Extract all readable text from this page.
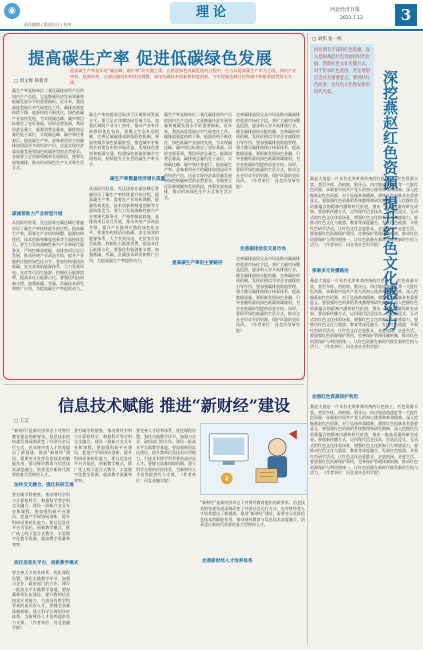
◉
责任编辑 / 版面设计 / 校对
理论	河北经济日报
2021.7.12	3
提高碳生产率 促进低碳绿色发展
□ 周文辉 韩新青
提高碳生产率是实现“碳达峰、碳中和”的关键之策。在推进绿色低碳发展的过程中，应当以提高碳生产率为主线，加快产业结构、能源结构、交通运输结构的优化调整，深化低碳技术创新和制度创新，为实现碳达峰目标和碳中和愿景提供坚实支撑。
碳生产率是指单位二氧化碳排放所产出的国内生产总值，它是衡量经济发展质量和低碳发展水平的重要指标。近年来，我国高度重视应对气候变化工作，碳排放强度持续下降，能源结构不断优化，绿色低碳产业加快发展，为实现碳达峰、碳中和目标奠定了良好基础。同时也要看到，我国经济总量大、能源消费总量高，碳排放总量仍处于高位，实现碳达峰、碳中和任务艰巨。提高碳生产率，意味着用更少的碳排放创造更多的经济产出，这是实现经济高质量发展和绿色低碳转型的必然要求。各地要立足资源禀赋和发展阶段，统筹发展和减排，推动形成绿色生产方式和生活方式。
碳减排助力产业转型升级
从国际经验看，发达国家在碳达峰后普遍经历了碳生产率持续提升的过程。提高碳生产率，需要在产业结构调整、能源结构优化、技术创新和制度创新等方面持续发力。要大力发展战略性新兴产业和现代服务业，严格控制高耗能、高排放项目盲目发展，推动传统产业改造升级，提升产业链供应链的绿色化水平。要加快构建清洁低碳、安全高效的能源体系，大力发展风电、光伏等可再生能源，控制化石能源消费，提高非化石能源占比。要强化科技创新支撑，加强低碳、零碳、负碳技术研发和推广应用，为提高碳生产率提供动力。
碳生产率的提高还取决于区域协同发展水平。要立足京津冀协同发展大局，加强区域间产业分工协作，推动产业有序转移和优化布局。要健全生态补偿机制，完善区域碳排放联防联控机制。要加快城乡绿色低碳转型，推进城市更新和乡村建设中的节能改造，发展绿色建筑和低碳交通，构建绿色低碳的城乡空间格局，持续提升全社会的碳生产率水平。
碳生产率衡量经济增长质量
从国际经验看，发达国家在碳达峰后普遍经历了碳生产率持续提升的过程。提高碳生产率，需要在产业结构调整、能源结构优化、技术创新和制度创新等方面持续发力。要大力发展战略性新兴产业和现代服务业，严格控制高耗能、高排放项目盲目发展，推动传统产业改造升级，提升产业链供应链的绿色化水平。要加快构建清洁低碳、安全高效的能源体系，大力发展风电、光伏等可再生能源，控制化石能源消费，提高非化石能源占比。要强化科技创新支撑，加强低碳、零碳、负碳技术研发和推广应用，为提高碳生产率提供动力。
碳生产率是指单位二氧化碳排放所产出的国内生产总值，它是衡量经济发展质量和低碳发展水平的重要指标。近年来，我国高度重视应对气候变化工作，碳排放强度持续下降，能源结构不断优化，绿色低碳产业加快发展，为实现碳达峰、碳中和目标奠定了良好基础。同时也要看到，我国经济总量大、能源消费总量高，碳排放总量仍处于高位，实现碳达峰、碳中和任务艰巨。提高碳生产率，意味着用更少的碳排放创造更多的经济产出，这是实现经济高质量发展和绿色低碳转型的必然要求。各地要立足资源禀赋和发展阶段，统筹发展和减排，推动形成绿色生产方式和生活方式。
提高碳生产率的主要路径
完善碳排放权交易市场是推动碳减排的重要市场化手段。要扩大碳市场覆盖范围，逐步纳入更多高排放行业，健全碳排放权分配机制，完善碳价形成机制，发挥价格信号对企业减排的引导作用。要加强碳排放数据管理，建立健全碳排放统计核算体系，提高数据质量。要积极发展绿色金融，引导金融资源向绿色低碳领域倾斜，为企业低碳转型提供资金支持。同时，要倡导绿色低碳的生活方式，推动全社会形成节约资源、保护环境的良好风尚。（作者单位：河北经济研究院）
完善碳排放权交易市场
完善碳排放权交易市场是推动碳减排的重要市场化手段。要扩大碳市场覆盖范围，逐步纳入更多高排放行业，健全碳排放权分配机制，完善碳价形成机制，发挥价格信号对企业减排的引导作用。要加强碳排放数据管理，建立健全碳排放统计核算体系，提高数据质量。要积极发展绿色金融，引导金融资源向绿色低碳领域倾斜，为企业低碳转型提供资金支持。同时，要倡导绿色低碳的生活方式，推动全社会形成节约资源、保护环境的良好风尚。（作者单位：河北经济研究院）
□ 刘伟 张一鸣
河北拥有丰富的红色资源，深入挖掘燕赵红色资源的时代价值，创新红色文化传播方式，对于传承红色基因、坚定理想信念具有重要意义。要讲好红色故事，让红色文化焕发新的时代光彩。	深挖燕赵红色资源 提升红色文化感染力
燕赵大地是一片具有光荣革命传统的红色热土，红色资源丰富，类型多样。西柏坡、狼牙山、冉庄地道战遗址等一大批红色资源，承载着中国共产党人的初心使命和革命精神。深入挖掘燕赵红色资源，对于弘扬革命精神、赓续红色血脉具有重要意义。要加强红色资源的系统整理和研究阐释，深入挖掘红色资源蕴含的精神内涵和时代价值，推出一批高质量的研究成果。要创新传播方式，运用现代信息技术，打造沉浸式、互动式的红色文化体验场景，增强红色文化的吸引力和感染力。要推动红色文化与旅游、教育等深度融合，发展红色旅游，开展红色研学活动，让红色文化走进群众、走进校园、走进生活。要加强红色资源保护利用，完善保护管理体制机制，推动红色资源保护与利用相统一，让红色资源在新时代焕发新的生机与活力。（作者单位：河北省社会科学院）
探索多元传播路径
燕赵大地是一片具有光荣革命传统的红色热土，红色资源丰富，类型多样。西柏坡、狼牙山、冉庄地道战遗址等一大批红色资源，承载着中国共产党人的初心使命和革命精神。深入挖掘燕赵红色资源，对于弘扬革命精神、赓续红色血脉具有重要意义。要加强红色资源的系统整理和研究阐释，深入挖掘红色资源蕴含的精神内涵和时代价值，推出一批高质量的研究成果。要创新传播方式，运用现代信息技术，打造沉浸式、互动式的红色文化体验场景，增强红色文化的吸引力和感染力。要推动红色文化与旅游、教育等深度融合，发展红色旅游，开展红色研学活动，让红色文化走进群众、走进校园、走进生活。要加强红色资源保护利用，完善保护管理体制机制，推动红色资源保护与利用相统一，让红色资源在新时代焕发新的生机与活力。（作者单位：河北省社会科学院）
加强红色资源保护利用
燕赵大地是一片具有光荣革命传统的红色热土，红色资源丰富，类型多样。西柏坡、狼牙山、冉庄地道战遗址等一大批红色资源，承载着中国共产党人的初心使命和革命精神。深入挖掘燕赵红色资源，对于弘扬革命精神、赓续红色血脉具有重要意义。要加强红色资源的系统整理和研究阐释，深入挖掘红色资源蕴含的精神内涵和时代价值，推出一批高质量的研究成果。要创新传播方式，运用现代信息技术，打造沉浸式、互动式的红色文化体验场景，增强红色文化的吸引力和感染力。要推动红色文化与旅游、教育等深度融合，发展红色旅游，开展红色研学活动，让红色文化走进群众、走进校园、走进生活。要加强红色资源保护利用，完善保护管理体制机制，推动红色资源保护与利用相统一，让红色资源在新时代焕发新的生机与活力。（作者单位：河北省社会科学院）
信息技术赋能 推进“新财经”建设
□ 王艾
“新财经”是新经济形态下对财经教育提出的新要求。信息技术的快速发展深刻改变了经济社会运行方式，也对财经类人才培养提出了新挑战。推进“新财经”建设，需要充分发挥信息技术的赋能作用，推动财经教育与信息技术深度融合，培养适应新时代需要的复合型财经人才。
加快交叉融合，强化科研互通
要打破学科壁垒，推动财经学科与计算机科学、数据科学等学科交叉融合，建设一批新兴交叉专业和课程。要加强科研平台建设，促进产学研协同创新，提升科研成果转化能力。要以信息化平台为依托，创新教学模式，推广线上线下混合式教学，丰富数字化教学资源，提高教学质量和效率。
依托信息化平台，创新教学模式
要完善人才培养体系，优化课程设置，强化实践教学环节，加强与企业、政府部门的合作，建设一批高水平实践教学基地。要加强师资队伍建设，提升教师信息技术应用能力，引进具有跨学科背景的高层次人才。要健全质量保障机制，建立科学合理的评价体系，为新财经人才培养提供有力支撑。（作者单位：河北金融学院）
要打破学科壁垒，推动财经学科与计算机科学、数据科学等学科交叉融合，建设一批新兴交叉专业和课程。要加强科研平台建设，促进产学研协同创新，提升科研成果转化能力。要以信息化平台为依托，创新教学模式，推广线上线下混合式教学，丰富数字化教学资源，提高教学质量和效率。
要完善人才培养体系，优化课程设置，强化实践教学环节，加强与企业、政府部门的合作，建设一批高水平实践教学基地。要加强师资队伍建设，提升教师信息技术应用能力，引进具有跨学科背景的高层次人才。要健全质量保障机制，建立科学合理的评价体系，为新财经人才培养提供有力支撑。（作者单位：河北金融学院）	¥
“新财经”是新经济形态下对财经教育提出的新要求。信息技术的快速发展深刻改变了经济社会运行方式，也对财经类人才培养提出了新挑战。推进“新财经”建设，需要充分发挥信息技术的赋能作用，推动财经教育与信息技术深度融合，培养适应新时代需要的复合型财经人才。
完善新财经人才培养体系
